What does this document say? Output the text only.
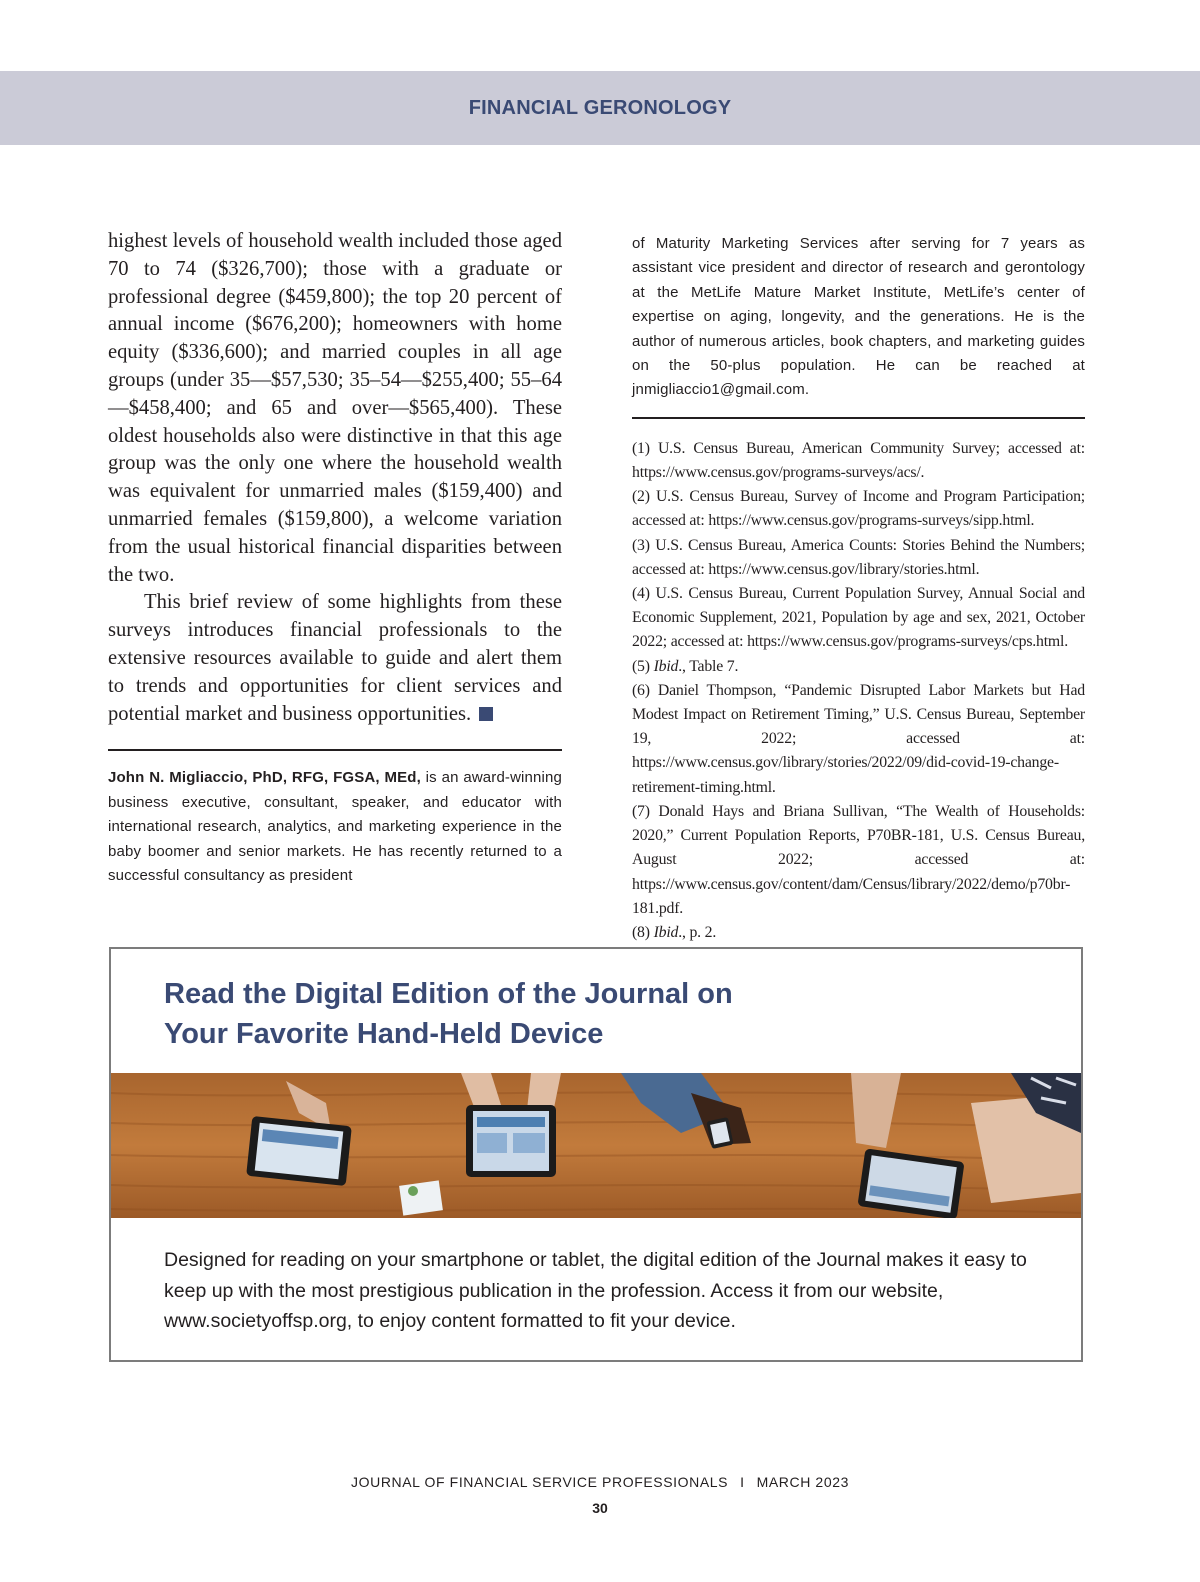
FINANCIAL GERONOLOGY

highest levels of household wealth included those aged 70 to 74 ($326,700); those with a graduate or professional degree ($459,800); the top 20 percent of annual income ($676,200); homeowners with home equity ($336,600); and married couples in all age groups (under 35—$57,530; 35–54—$255,400; 55–64—$458,400; and 65 and over—$565,400). These oldest households also were distinctive in that this age group was the only one where the household wealth was equivalent for unmarried males ($159,400) and unmarried females ($159,800), a welcome variation from the usual historical financial disparities between the two.

This brief review of some highlights from these surveys introduces financial professionals to the extensive resources available to guide and alert them to trends and opportunities for client services and potential market and business opportunities.

John N. Migliaccio, PhD, RFG, FGSA, MEd, is an award-winning business executive, consultant, speaker, and educator with international research, analytics, and marketing experience in the baby boomer and senior markets. He has recently returned to a successful consultancy as president

of Maturity Marketing Services after serving for 7 years as assistant vice president and director of research and gerontology at the MetLife Mature Market Institute, MetLife’s center of expertise on aging, longevity, and the generations. He is the author of numerous articles, book chapters, and marketing guides on the 50-plus population. He can be reached at jnmigliaccio1@gmail.com.

(1) U.S. Census Bureau, American Community Survey; accessed at: https://www.census.gov/programs-surveys/acs/.
(2) U.S. Census Bureau, Survey of Income and Program Participation; accessed at: https://www.census.gov/programs-surveys/sipp.html.
(3) U.S. Census Bureau, America Counts: Stories Behind the Numbers; accessed at: https://www.census.gov/library/stories.html.
(4) U.S. Census Bureau, Current Population Survey, Annual Social and Economic Supplement, 2021, Population by age and sex, 2021, October 2022; accessed at: https://www.census.gov/programs-surveys/cps.html.
(5) Ibid., Table 7.
(6) Daniel Thompson, “Pandemic Disrupted Labor Markets but Had Modest Impact on Retirement Timing,” U.S. Census Bureau, September 19, 2022; accessed at: https://www.census.gov/library/stories/2022/09/did-covid-19-change-retirement-timing.html.
(7) Donald Hays and Briana Sullivan, “The Wealth of Households: 2020,” Current Population Reports, P70BR-181, U.S. Census Bureau, August 2022; accessed at: https://www.census.gov/content/dam/Census/library/2022/demo/p70br-181.pdf.
(8) Ibid., p. 2.
Read the Digital Edition of the Journal on
Your Favorite Hand-Held Device

Designed for reading on your smartphone or tablet, the digital edition of the Journal makes it easy to keep up with the most prestigious publication in the profession. Access it from our website, www.societyoffsp.org, to enjoy content formatted to fit your device.

JOURNAL OF FINANCIAL SERVICE PROFESSIONALS I MARCH 2023
30
